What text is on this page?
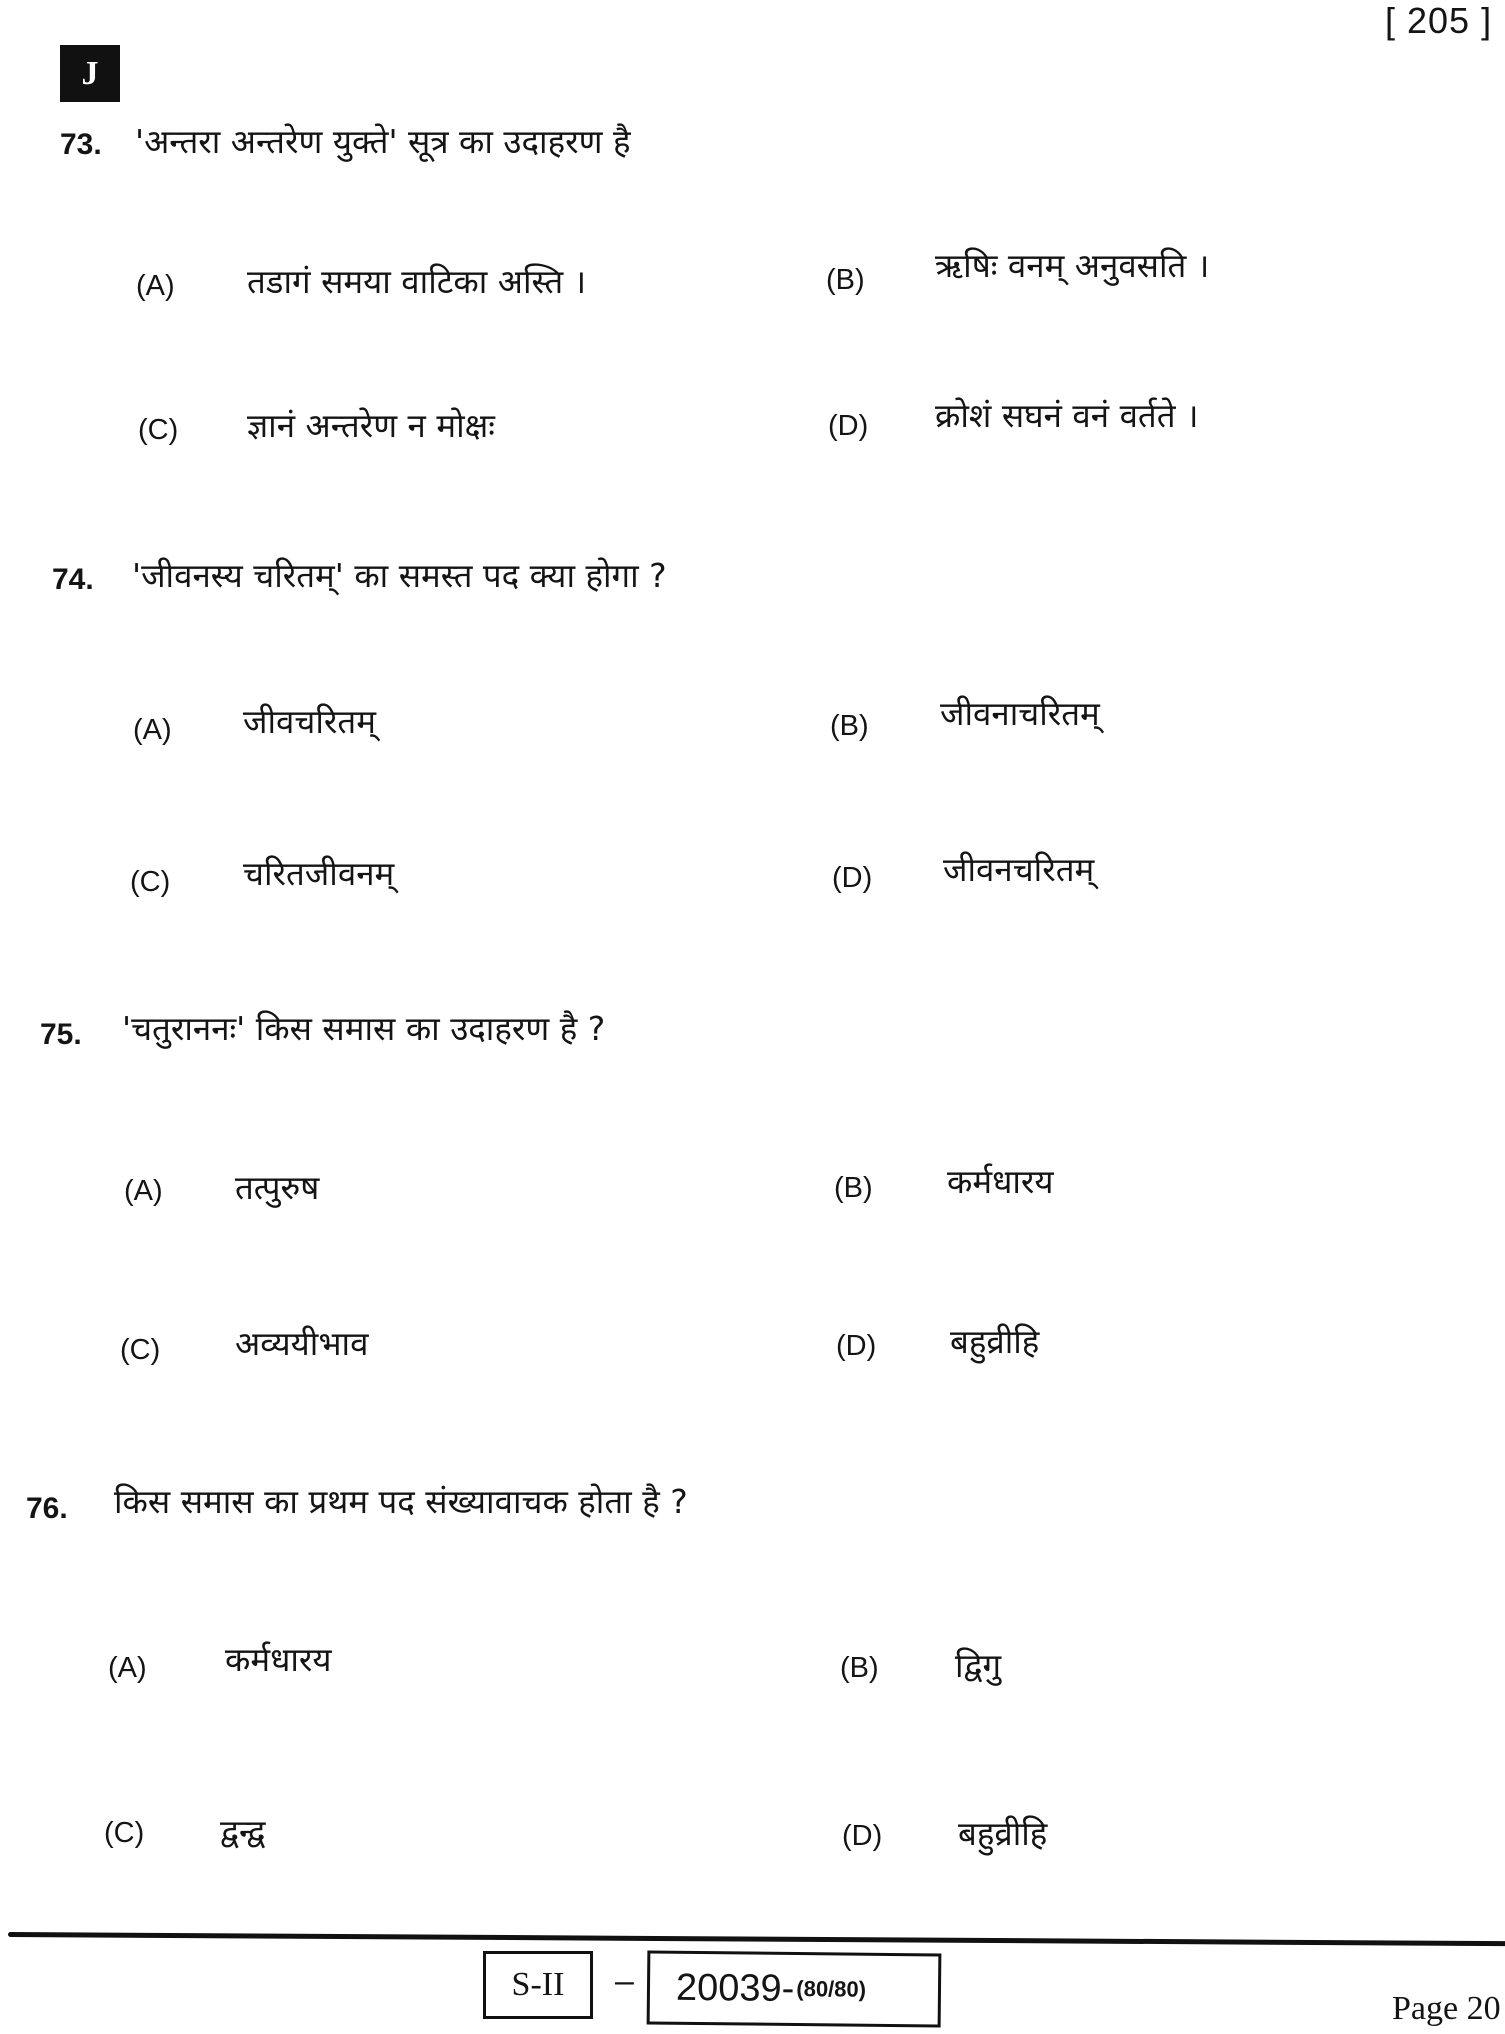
[ 205 ]
J
73. 'अन्तरा अन्तरेण युक्ते' सूत्र का उदाहरण है
(A) तडागं समया वाटिका अस्ति ।	(B) ऋषिः वनम् अनुवसति ।
(C) ज्ञानं अन्तरेण न मोक्षः	(D) क्रोशं सघनं वनं वर्तते ।
74. 'जीवनस्य चरितम्' का समस्त पद क्या होगा ?
(A) जीवचरितम्	(B) जीवनाचरितम्
(C) चरितजीवनम्	(D) जीवनचरितम्
75. 'चतुराननः' किस समास का उदाहरण है ?
(A) तत्पुरुष	(B) कर्मधारय
(C) अव्ययीभाव	(D) बहुव्रीहि
76. किस समास का प्रथम पद संख्यावाचक होता है ?
(A) कर्मधारय	(B) द्विगु
(C) द्वन्द्व	(D) बहुव्रीहि
S-II – 20039- (80/80)
Page 20
